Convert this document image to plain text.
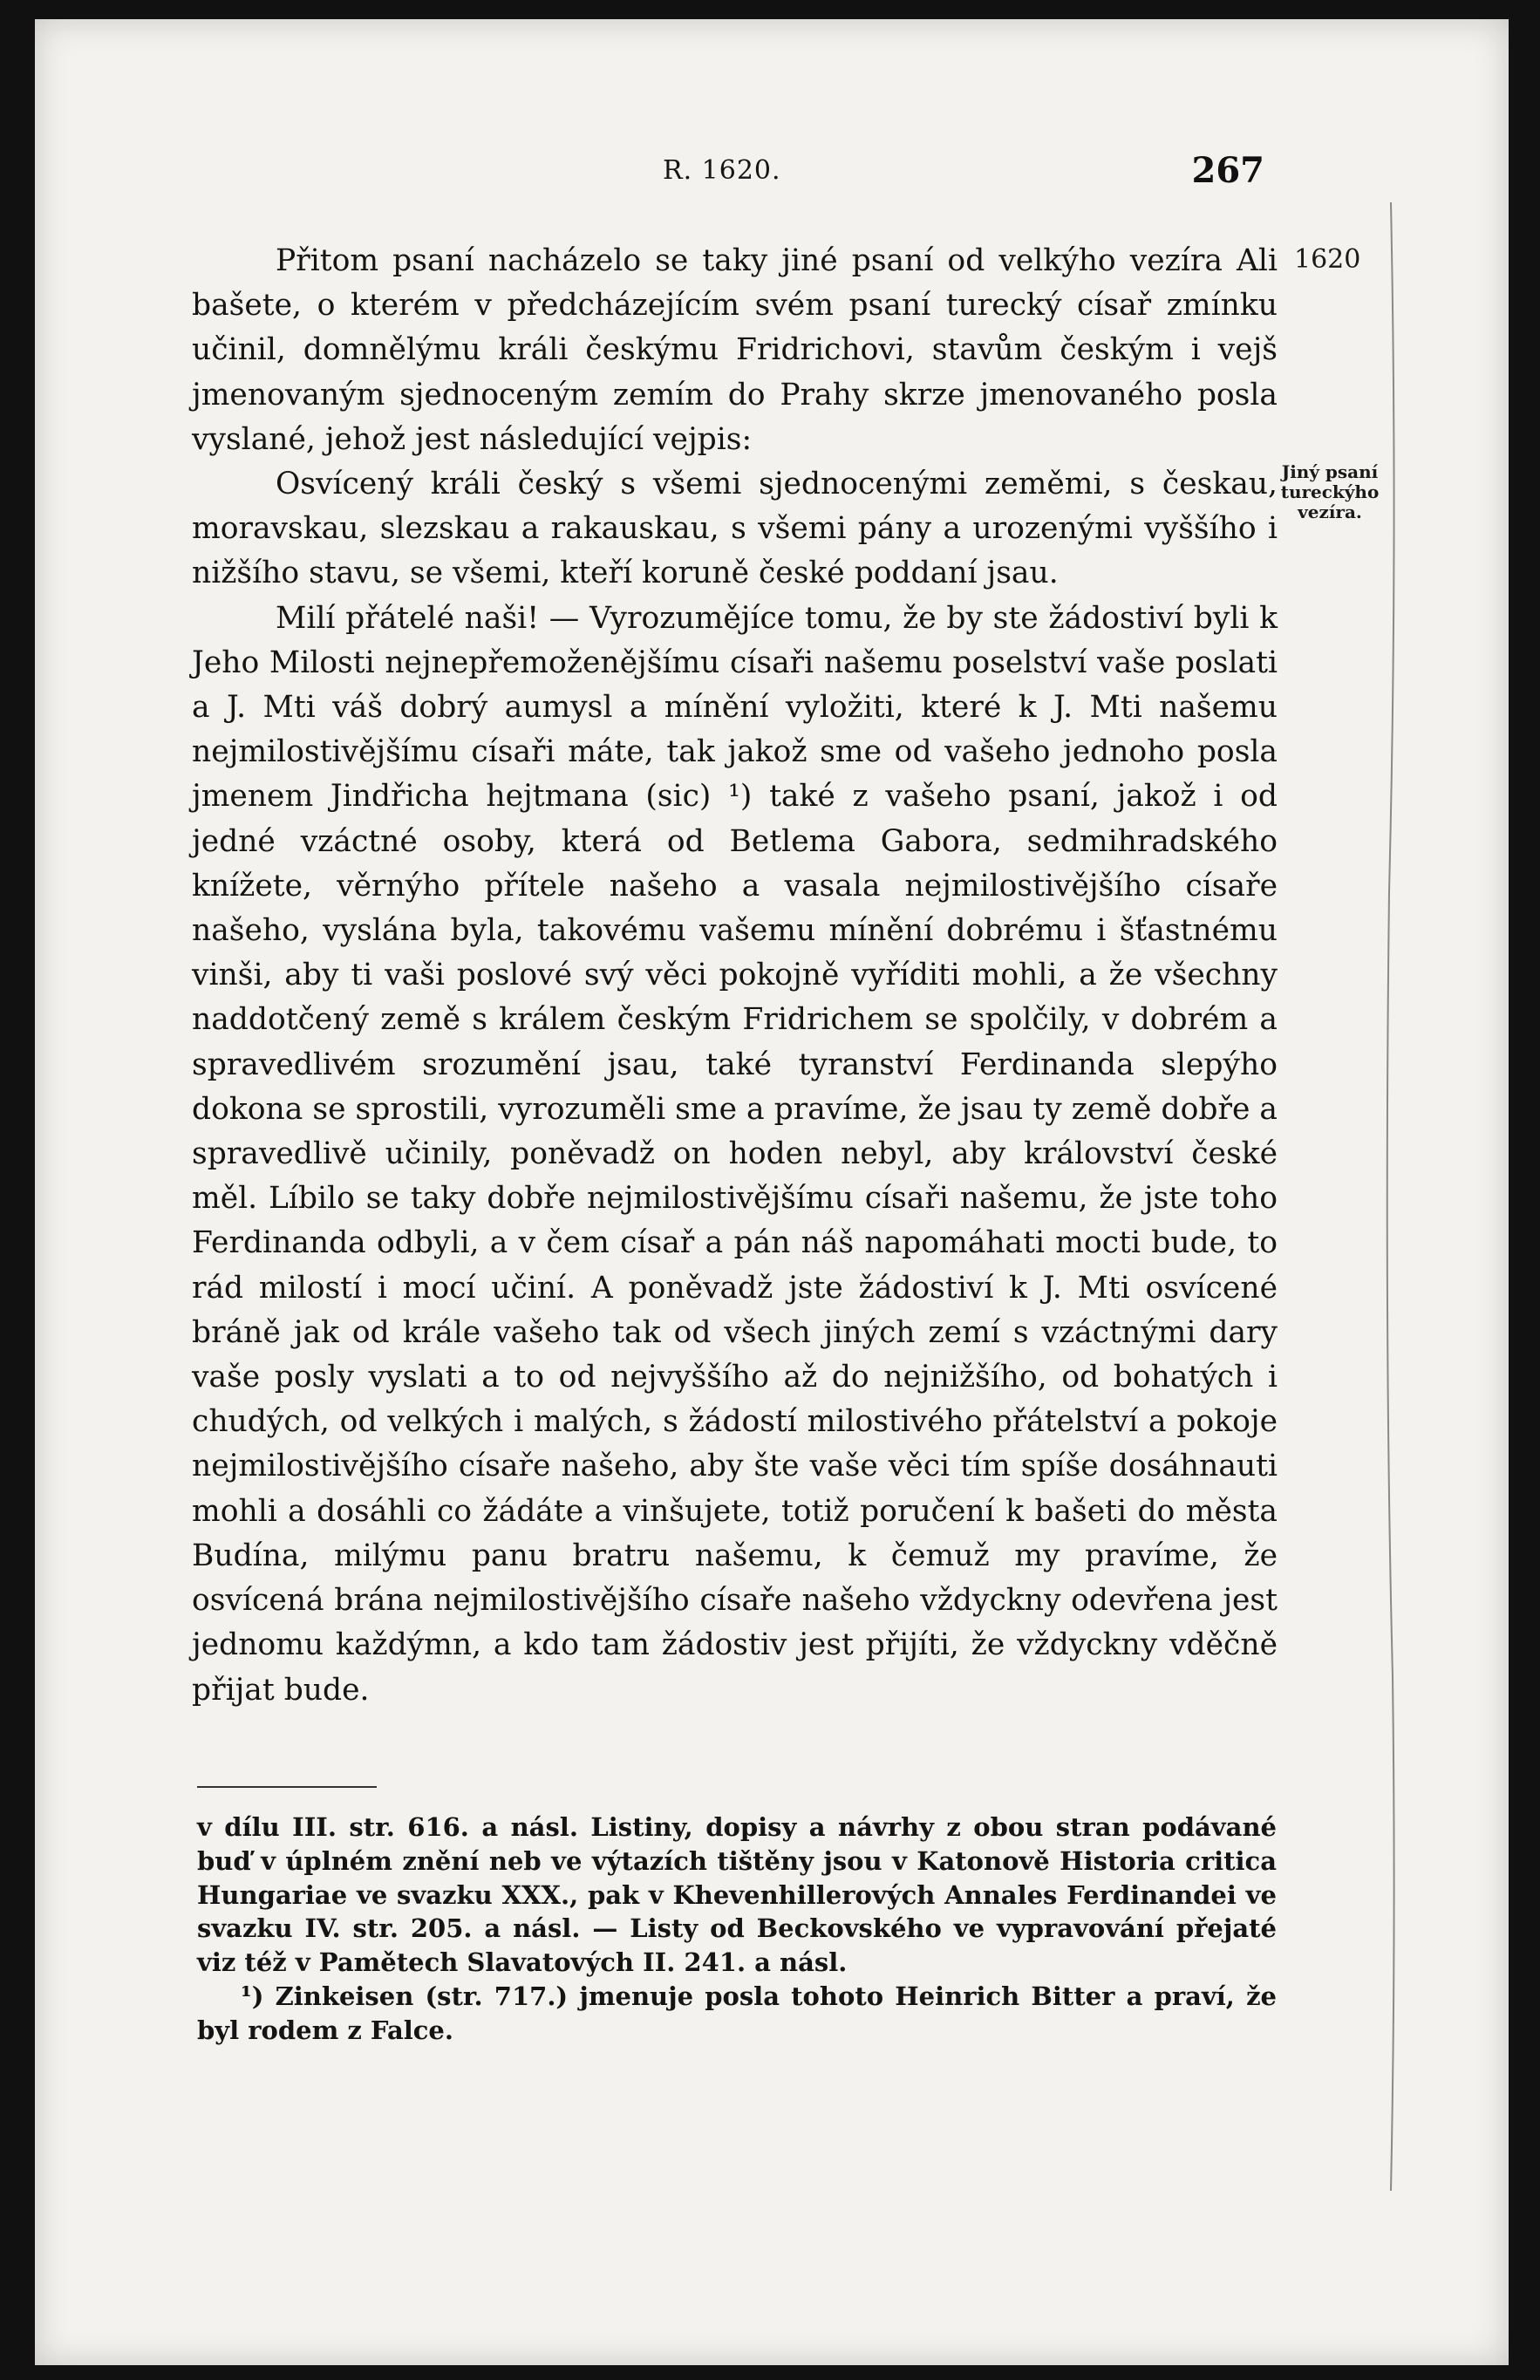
R. 1620.	267

Přitom psaní nacházelo se taky jiné psaní od velkýho vezíra Ali bašete, o kterém v předcházejícím svém psaní turecký císař zmínku učinil, domnělýmu králi českýmu Fridrichovi, stavům českým i vejš jmenovaným sjednoceným zemím do Prahy skrze jmenovaného posla vyslané, jehož jest následující vejpis:

Osvícený králi český s všemi sjednocenými zeměmi, s českau, moravskau, slezskau a rakauskau, s všemi pány a urozenými vyššího i nižšího stavu, se všemi, kteří koruně české poddaní jsau.

Milí přátelé naši! — Vyrozumějíce tomu, že by ste žádostiví byli k Jeho Milosti nejnepřemoženějšímu císaři našemu poselství vaše poslati a J. Mti váš dobrý aumysl a mínění vyložiti, které k J. Mti našemu nejmilostivějšímu císaři máte, tak jakož sme od vašeho jednoho posla jmenem Jindřicha hejtmana (sic) ¹) také z vašeho psaní, jakož i od jedné vzáctné osoby, která od Betlema Gabora, sedmihradského knížete, věrnýho přítele našeho a vasala nejmilostivějšího císaře našeho, vyslána byla, takovému vašemu mínění dobrému i šťastnému vinši, aby ti vaši poslové svý věci pokojně vyříditi mohli, a že všechny naddotčený země s králem českým Fridrichem se spolčily, v dobrém a spravedlivém srozumění jsau, také tyranství Ferdinanda slepýho dokona se sprostili, vyrozuměli sme a pravíme, že jsau ty země dobře a spravedlivě učinily, poněvadž on hoden nebyl, aby království české měl. Líbilo se taky dobře nejmilostivějšímu císaři našemu, že jste toho Ferdinanda odbyli, a v čem císař a pán náš napomáhati mocti bude, to rád milostí i mocí učiní. A poněvadž jste žádostiví k J. Mti osvícené bráně jak od krále vašeho tak od všech jiných zemí s vzáctnými dary vaše posly vyslati a to od nejvyššího až do nejnižšího, od bohatých i chudých, od velkých i malých, s žádostí milostivého přátelství a pokoje nejmilostivějšího císaře našeho, aby šte vaše věci tím spíše dosáhnauti mohli a dosáhli co žádáte a vinšujete, totiž poručení k bašeti do města Budína, milýmu panu bratru našemu, k čemuž my pravíme, že osvícená brána nejmilostivějšího císaře našeho vždyckny odevřena jest jednomu každýmn, a kdo tam žádostiv jest přijíti, že vždyckny vděčně přijat bude.

1620
Jiný psaní
tureckýho
vezíra.

v dílu III. str. 616. a násl. Listiny, dopisy a návrhy z obou stran podávané buď v úplném znění neb ve výtazích tištěny jsou v Katonově Historia critica Hungariae ve svazku XXX., pak v Khevenhillerových Annales Ferdinandei ve svazku IV. str. 205. a násl. — Listy od Beckovského ve vypravování přejaté viz též v Pamětech Slavatových II. 241. a násl.

¹) Zinkeisen (str. 717.) jmenuje posla tohoto Heinrich Bitter a praví, že byl rodem z Falce.
